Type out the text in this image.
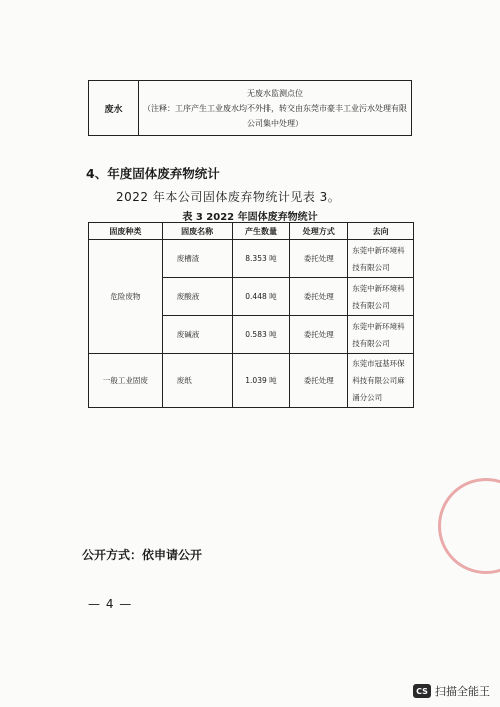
废水	
无废水监测点位
（注释：工序产生工业废水均不外排，转交由东莞市豪丰工业污水处理有限
公司集中处理）
4、年度固体废弃物统计
2022 年本公司固体废弃物统计见表 3。
表 3 2022 年固体废弃物统计
固废种类	固废名称	产生数量	处理方式	去向
危险废物	废槽渣	8.353 吨	委托处理	东莞中新环境科
技有限公司

	废酸液	0.448 吨	委托处理	东莞中新环境科
技有限公司

	废碱液	0.583 吨	委托处理	东莞中新环境科
技有限公司

一般工业固废	废纸	1.039 吨	委托处理	东莞市冠基环保
科技有限公司麻
涌分公司
公开方式：依申请公开
— 4 —
CS 扫描全能王
